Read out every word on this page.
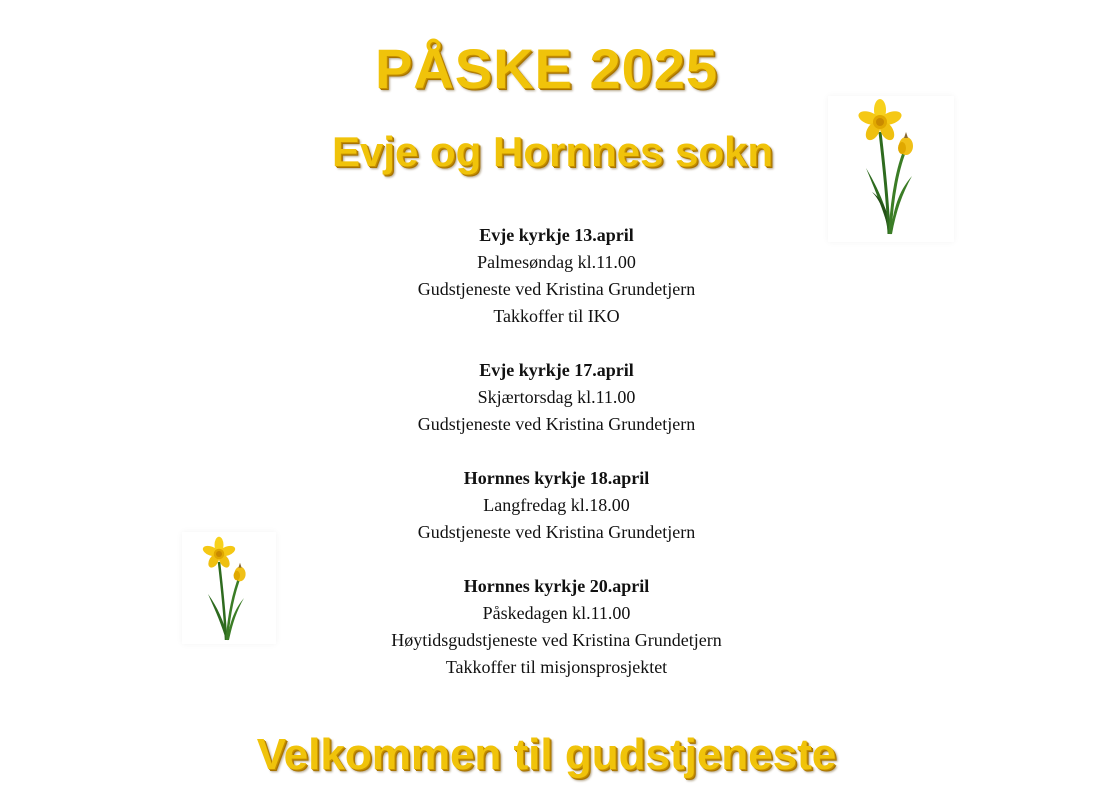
PÅSKE 2025
Evje og Hornnes sokn
Evje kyrkje 13.april
Palmesøndag kl.11.00
Gudstjeneste ved Kristina Grundetjern
Takkoffer til IKO
Evje kyrkje 17.april
Skjærtorsdag kl.11.00
Gudstjeneste ved Kristina Grundetjern
Hornnes kyrkje 18.april
Langfredag kl.18.00
Gudstjeneste ved Kristina Grundetjern
Hornnes kyrkje 20.april
Påskedagen kl.11.00
Høytidsgudstjeneste ved Kristina Grundetjern
Takkoffer til misjonsprosjektet
Velkommen til gudstjeneste
